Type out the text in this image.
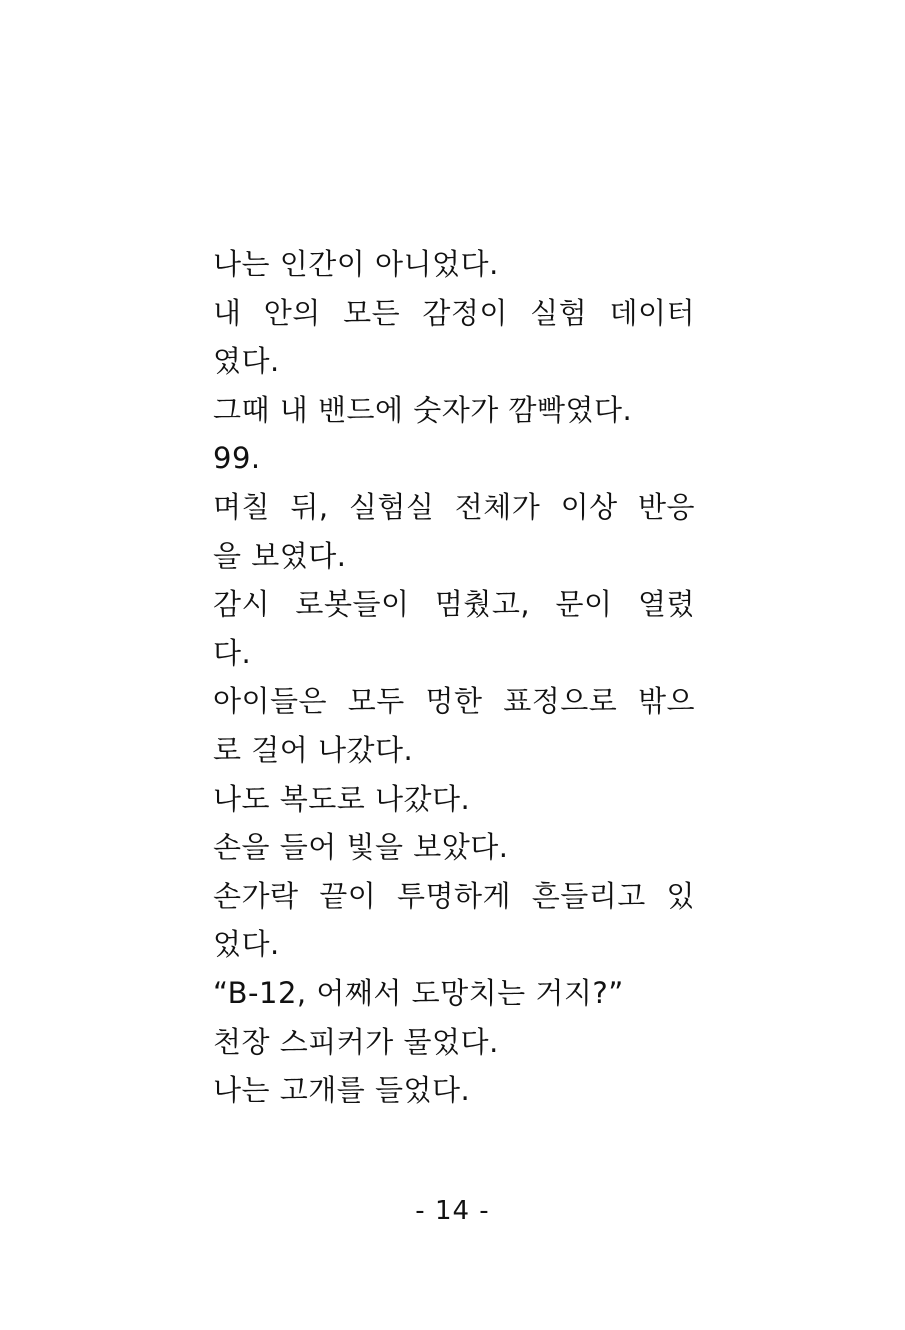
나는 인간이 아니었다.
내 안의 모든 감정이 실험 데이터
였다.
그때 내 밴드에 숫자가 깜빡였다.
99.
며칠 뒤, 실험실 전체가 이상 반응
을 보였다.
감시 로봇들이 멈췄고, 문이 열렸
다.
아이들은 모두 멍한 표정으로 밖으
로 걸어 나갔다.
나도 복도로 나갔다.
손을 들어 빛을 보았다.
손가락 끝이 투명하게 흔들리고 있
었다.
“B-12, 어째서 도망치는 거지?”
천장 스피커가 물었다.
나는 고개를 들었다.
- 14 -
